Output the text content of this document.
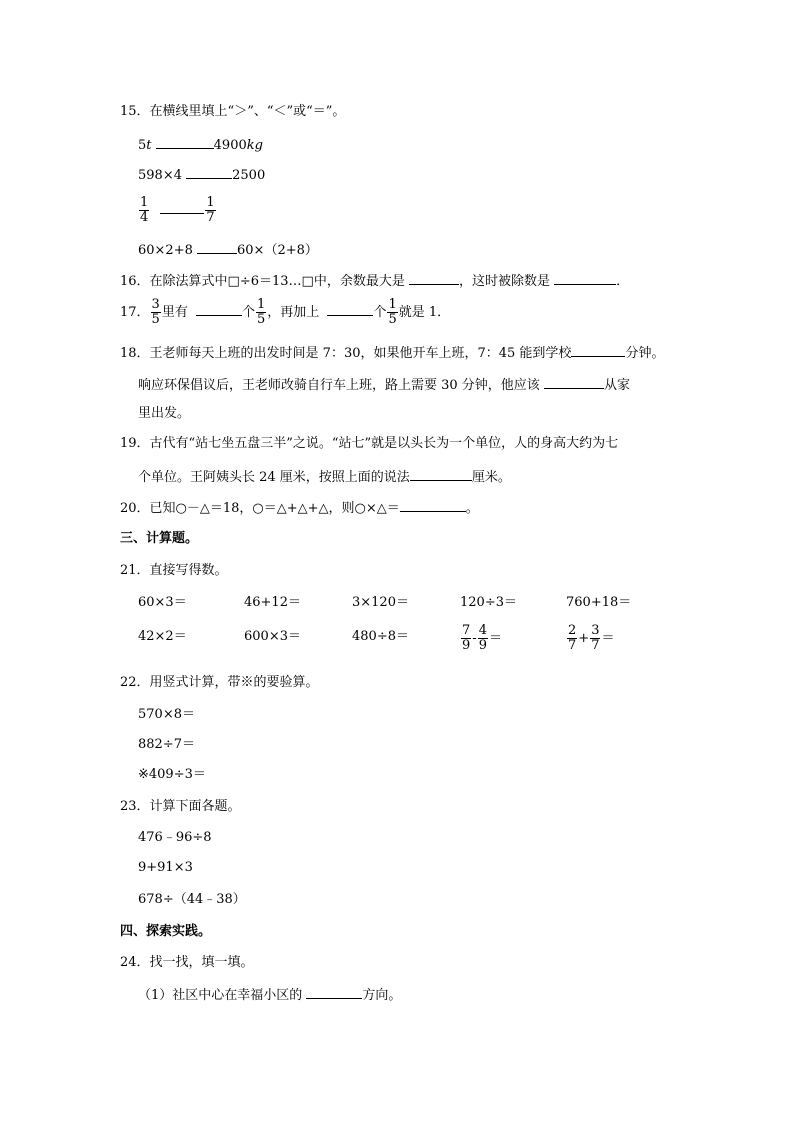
15．在横线里填上“＞”、“＜”或“＝”。
5t	4900kg
598×4	2500
$\frac{1}{4}$
	$\frac{1}{7}$
60×2+8	60×（2+8）
16．在除法算式中□÷6＝13…□中，余数最大是	，这时被除数是	．
17． $\frac{3}{5}$ 里有	个 $\frac{1}{5}$ ，再加上	个 $\frac{1}{5}$ 就是 1．
18．王老师每天上班的出发时间是 7：30，如果他开车上班，7：45 能到学校	分钟。
响应环保倡议后，王老师改骑自行车上班，路上需要 30 分钟，他应该	从家
里出发。
19．古代有“站七坐五盘三半”之说。“站七”就是以头长为一个单位，人的身高大约为七
个单位。王阿姨头长 24 厘米，按照上面的说法	厘米。
20．已知○－△＝18，○＝△+△+△，则○×△＝	。
三、计算题。
21．直接写得数。
60×3＝	46+12＝	3×120＝	120÷3＝	760+18＝
42×2＝	600×3＝	480÷8＝	$\frac{7}{9} - \frac{4}{9}$ ＝	$\frac{2}{7} + \frac{3}{7}$ ＝
22．用竖式计算，带※的要验算。
570×8＝
882÷7＝
※409÷3＝
23．计算下面各题。
476﹣96÷8
9+91×3
678÷（44﹣38）
四、探索实践。
24．找一找，填一填。
（1）社区中心在幸福小区的	方向。
